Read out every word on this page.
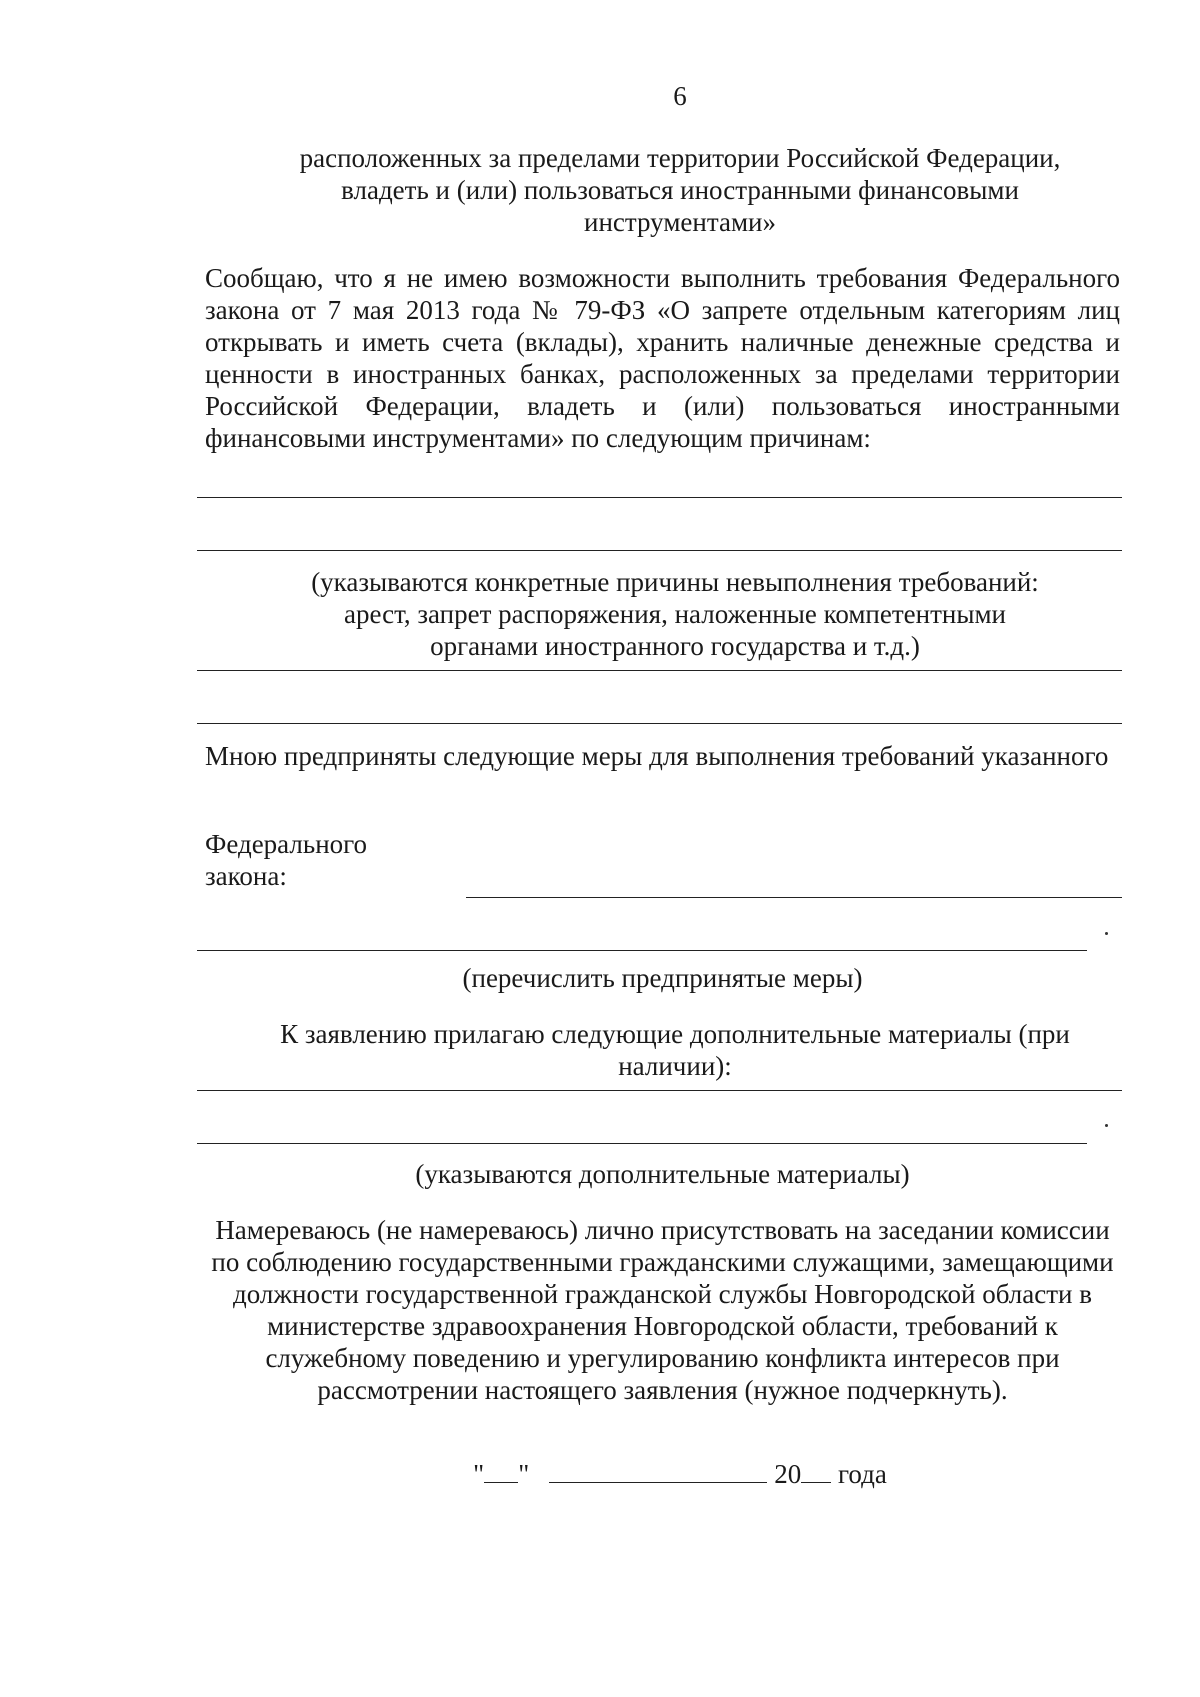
6
расположенных за пределами территории Российской Федерации,
владеть и (или) пользоваться иностранными финансовыми
инструментами»
Сообщаю, что я не имею возможности выполнить требования Федерального закона от 7 мая 2013 года № 79-ФЗ «О запрете отдельным категориям лиц открывать и иметь счета (вклады), хранить наличные денежные средства и ценности в иностранных банках, расположенных за пределами территории Российской Федерации, владеть и (или) пользоваться иностранными финансовыми инструментами» по следующим причинам:
(указываются конкретные причины невыполнения требований:
арест, запрет распоряжения, наложенные компетентными
органами иностранного государства и т.д.)
Мною предприняты следующие меры для выполнения требований указанного
Федерального
закона:
(перечислить предпринятые меры)
К заявлению прилагаю следующие дополнительные материалы (при наличии):
(указываются дополнительные материалы)
Намереваюсь (не намереваюсь) лично присутствовать на заседании комиссии по соблюдению государственными гражданскими служащими, замещающими должности государственной гражданской службы Новгородской области в министерстве здравоохранения Новгородской области, требований к служебному поведению и урегулированию конфликта интересов при рассмотрении настоящего заявления (нужное подчеркнуть).
" "	20 года
